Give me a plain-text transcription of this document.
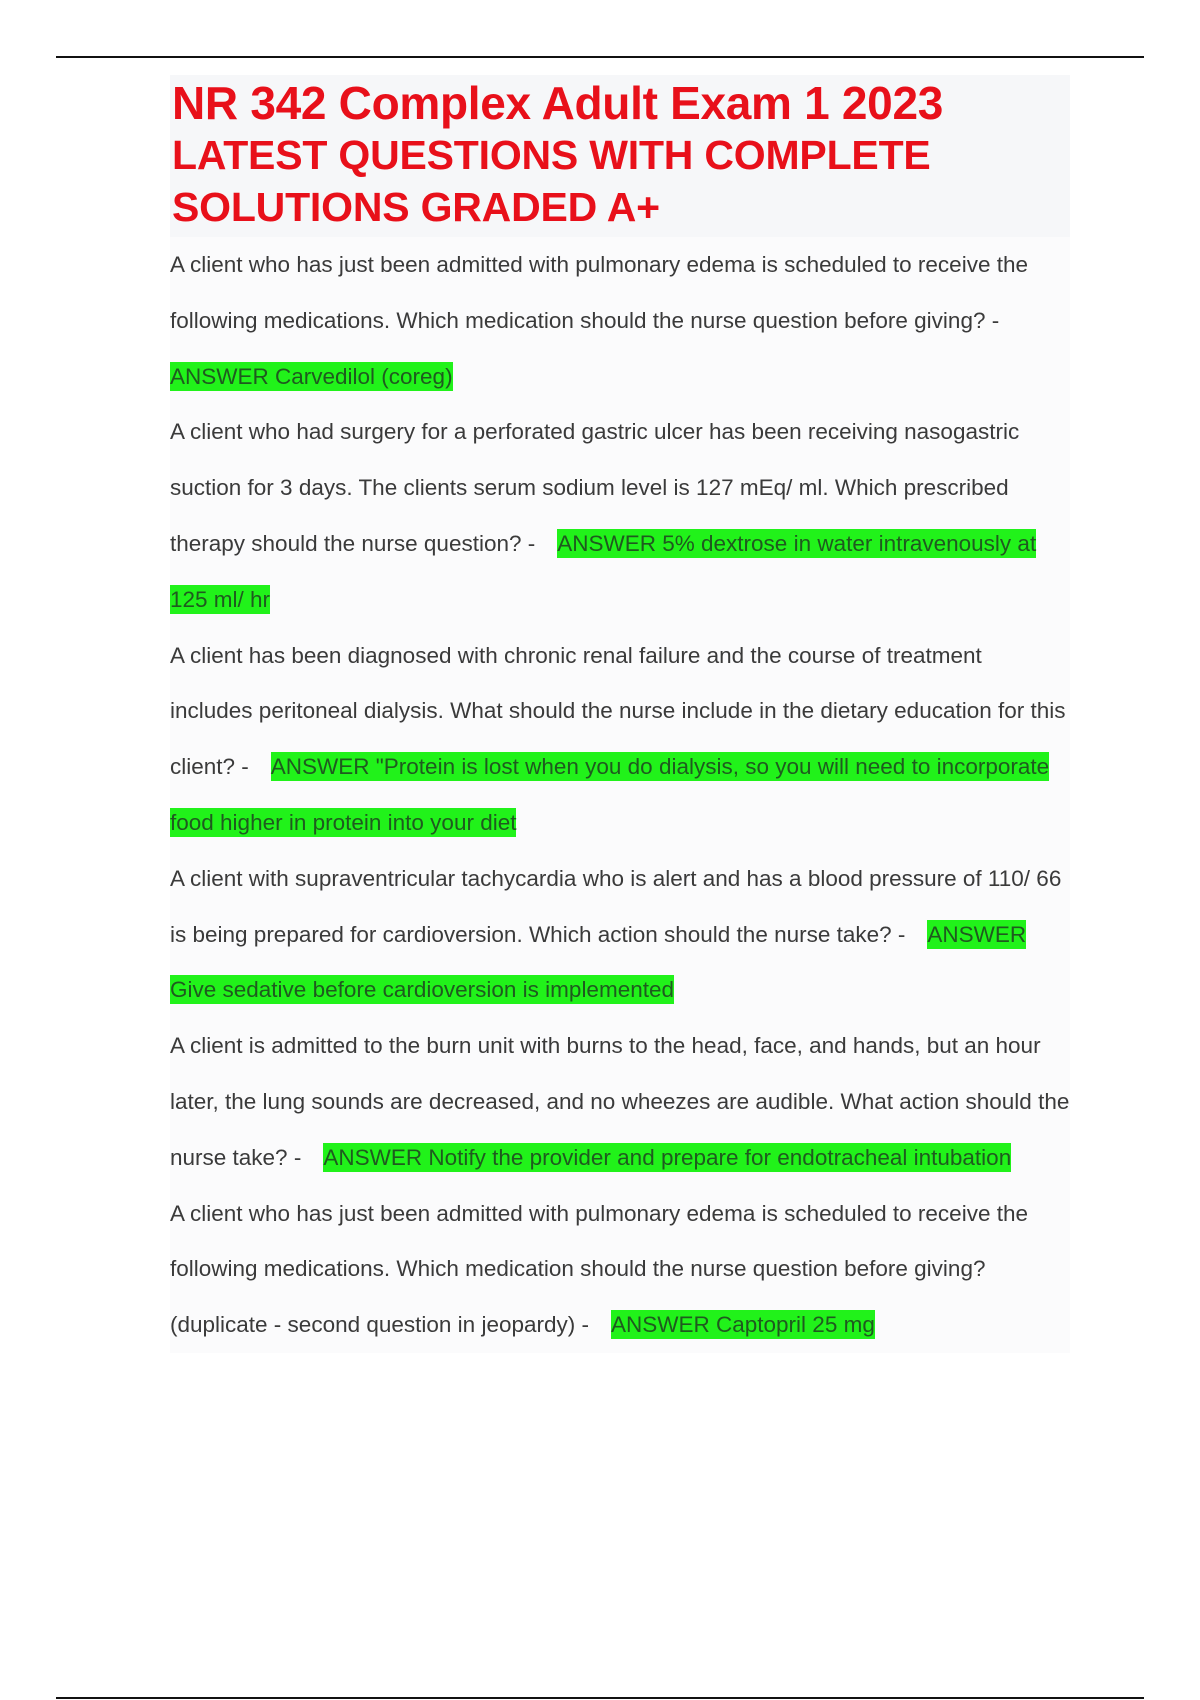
NR 342 Complex Adult Exam 1 2023
LATEST QUESTIONS WITH COMPLETE
SOLUTIONS GRADED A+

A client who has just been admitted with pulmonary edema is scheduled to receive the following medications. Which medication should the nurse question before giving? -ANSWER Carvedilol (coreg)

A client who had surgery for a perforated gastric ulcer has been receiving nasogastric suction for 3 days. The clients serum sodium level is 127 mEq/ ml. Which prescribed therapy should the nurse question? - ANSWER 5% dextrose in water intravenously at 125 ml/ hr

A client has been diagnosed with chronic renal failure and the course of treatment includes peritoneal dialysis. What should the nurse include in the dietary education for this client? - ANSWER "Protein is lost when you do dialysis, so you will need to incorporate food higher in protein into your diet

A client with supraventricular tachycardia who is alert and has a blood pressure of 110/ 66 is being prepared for cardioversion. Which action should the nurse take? - ANSWER Give sedative before cardioversion is implemented

A client is admitted to the burn unit with burns to the head, face, and hands, but an hour later, the lung sounds are decreased, and no wheezes are audible. What action should the nurse take? - ANSWER Notify the provider and prepare for endotracheal intubation

A client who has just been admitted with pulmonary edema is scheduled to receive the following medications. Which medication should the nurse question before giving? (duplicate - second question in jeopardy) - ANSWER Captopril 25 mg
